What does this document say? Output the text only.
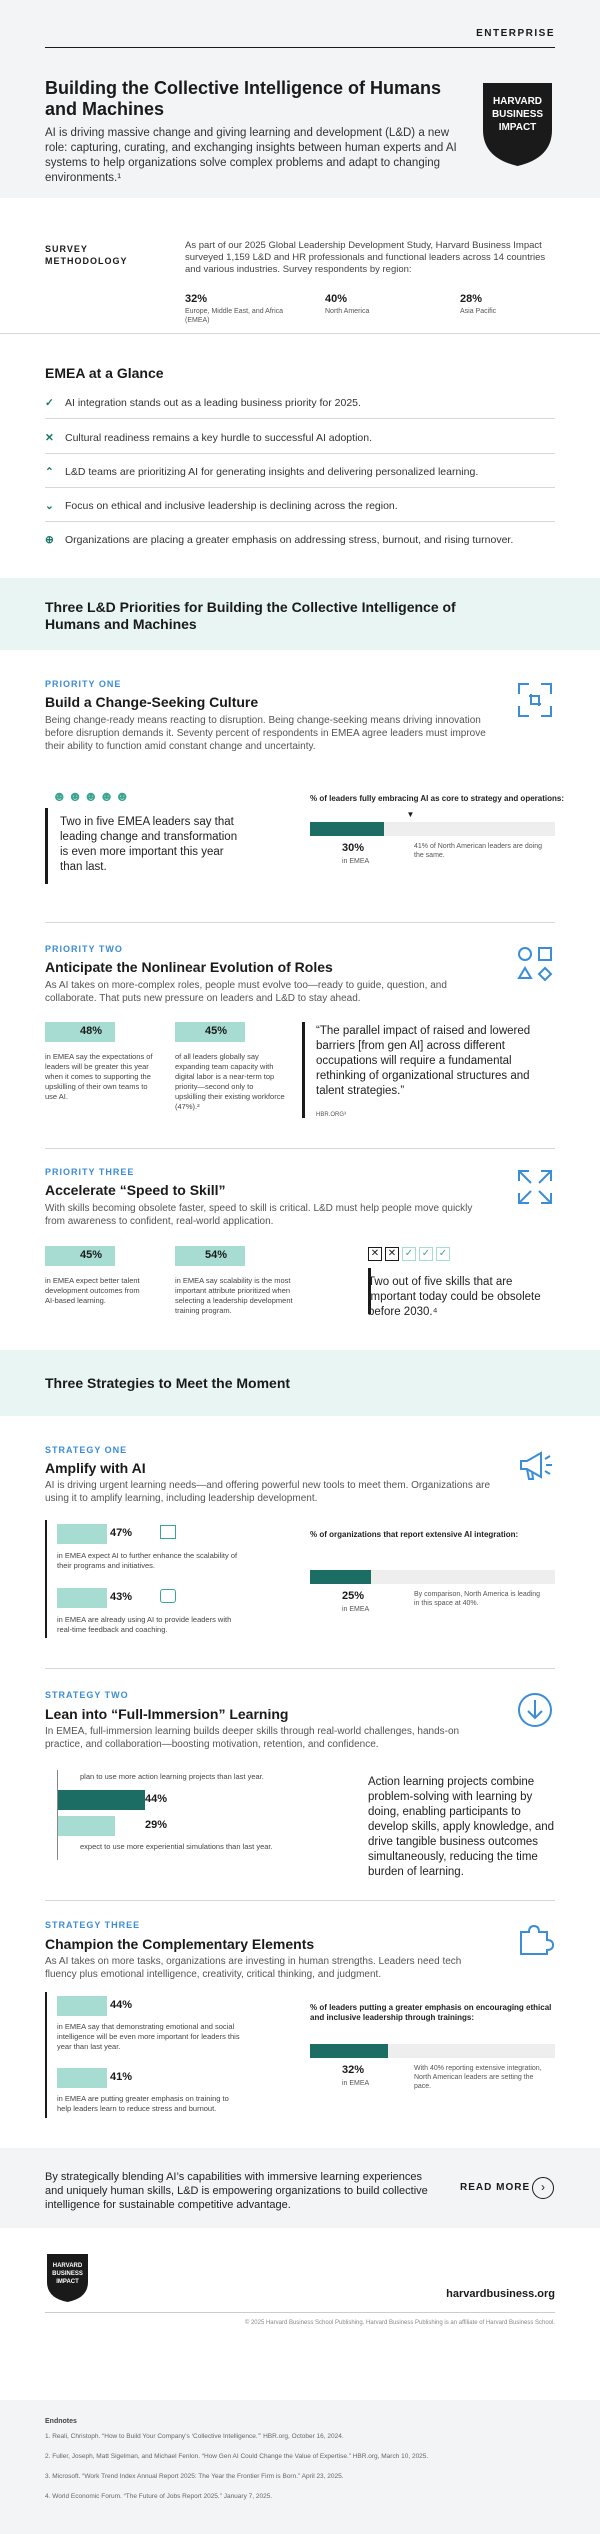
ENTERPRISE
Building the Collective Intelligence of Humans and Machines
AI is driving massive change and giving learning and development (L&D) a new role: capturing, curating, and exchanging insights between human experts and AI systems to help organizations solve complex problems and adapt to changing environments.¹
HARVARD
BUSINESS
IMPACT
SURVEY METHODOLOGY
As part of our 2025 Global Leadership Development Study, Harvard Business Impact surveyed 1,159 L&D and HR professionals and functional leaders across 14 countries and various industries. Survey respondents by region:
32%
Europe, Middle East, and Africa (EMEA)
40%
North America
28%
Asia Pacific
EMEA at a Glance
✓ AI integration stands out as a leading business priority for 2025.
✕ Cultural readiness remains a key hurdle to successful AI adoption.
⌃ L&D teams are prioritizing AI for generating insights and delivering personalized learning.
⌄ Focus on ethical and inclusive leadership is declining across the region.
⊕ Organizations are placing a greater emphasis on addressing stress, burnout, and rising turnover.
Three L&D Priorities for Building the Collective Intelligence of Humans and Machines
PRIORITY ONE
Build a Change-Seeking Culture
Being change-ready means reacting to disruption. Being change-seeking means driving innovation before disruption demands it. Seventy percent of respondents in EMEA agree leaders must improve their ability to function amid constant change and uncertainty.
☻☻☻☻☻
Two in five EMEA leaders say that leading change and transformation is even more important this year than last.
% of leaders fully embracing AI as core to strategy and operations:
▼
30%
in EMEA
41% of North American leaders are doing the same.
PRIORITY TWO
Anticipate the Nonlinear Evolution of Roles
As AI takes on more-complex roles, people must evolve too—ready to guide, question, and collaborate. That puts new pressure on leaders and L&D to stay ahead.
48%
in EMEA say the expectations of leaders will be greater this year when it comes to supporting the upskilling of their own teams to use AI.
45%
of all leaders globally say expanding team capacity with digital labor is a near-term top priority—second only to upskilling their existing workforce (47%).²
“The parallel impact of raised and lowered barriers [from gen AI] across different occupations will require a fundamental rethinking of organizational structures and talent strategies.”
HBR.ORG³
PRIORITY THREE
Accelerate “Speed to Skill”
With skills becoming obsolete faster, speed to skill is critical. L&D must help people move quickly from awareness to confident, real-world application.
45%
in EMEA expect better talent development outcomes from AI-based learning.
54%
in EMEA say scalability is the most important attribute prioritized when selecting a leadership development training program.
✕ ✕ ✓ ✓ ✓
Two out of five skills that are important today could be obsolete before 2030.⁴
Three Strategies to Meet the Moment
STRATEGY ONE
Amplify with AI
AI is driving urgent learning needs—and offering powerful new tools to meet them. Organizations are using it to amplify learning, including leadership development.
47%
in EMEA expect AI to further enhance the scalability of their programs and initiatives.
43%
in EMEA are already using AI to provide leaders with real-time feedback and coaching.
% of organizations that report extensive AI integration:
25%
in EMEA
By comparison, North America is leading in this space at 40%.
STRATEGY TWO
Lean into “Full-Immersion” Learning
In EMEA, full-immersion learning builds deeper skills through real-world challenges, hands-on practice, and collaboration—boosting motivation, retention, and confidence.
plan to use more action learning projects than last year.
44%
29%
expect to use more experiential simulations than last year.
Action learning projects combine problem-solving with learning by doing, enabling participants to develop skills, apply knowledge, and drive tangible business outcomes simultaneously, reducing the time burden of learning.
STRATEGY THREE
Champion the Complementary Elements
As AI takes on more tasks, organizations are investing in human strengths. Leaders need tech fluency plus emotional intelligence, creativity, critical thinking, and judgment.
44%
in EMEA say that demonstrating emotional and social intelligence will be even more important for leaders this year than last year.
41%
in EMEA are putting greater emphasis on training to help leaders learn to reduce stress and burnout.
% of leaders putting a greater emphasis on encouraging ethical and inclusive leadership through trainings:
32%
in EMEA
With 40% reporting extensive integration, North American leaders are setting the pace.
By strategically blending AI’s capabilities with immersive learning experiences and uniquely human skills, L&D is empowering organizations to build collective intelligence for sustainable competitive advantage.
READ MORE ›
HARVARD
BUSINESS
IMPACT
harvardbusiness.org
© 2025 Harvard Business School Publishing. Harvard Business Publishing is an affiliate of Harvard Business School.
Endnotes
1. Reali, Christoph. “How to Build Your Company’s ‘Collective Intelligence.’” HBR.org, October 16, 2024.
2. Fuller, Joseph, Matt Sigelman, and Michael Fenlon. “How Gen AI Could Change the Value of Expertise.” HBR.org, March 10, 2025.
3. Microsoft. “Work Trend Index Annual Report 2025: The Year the Frontier Firm is Born.” April 23, 2025.
4. World Economic Forum. “The Future of Jobs Report 2025.” January 7, 2025.
